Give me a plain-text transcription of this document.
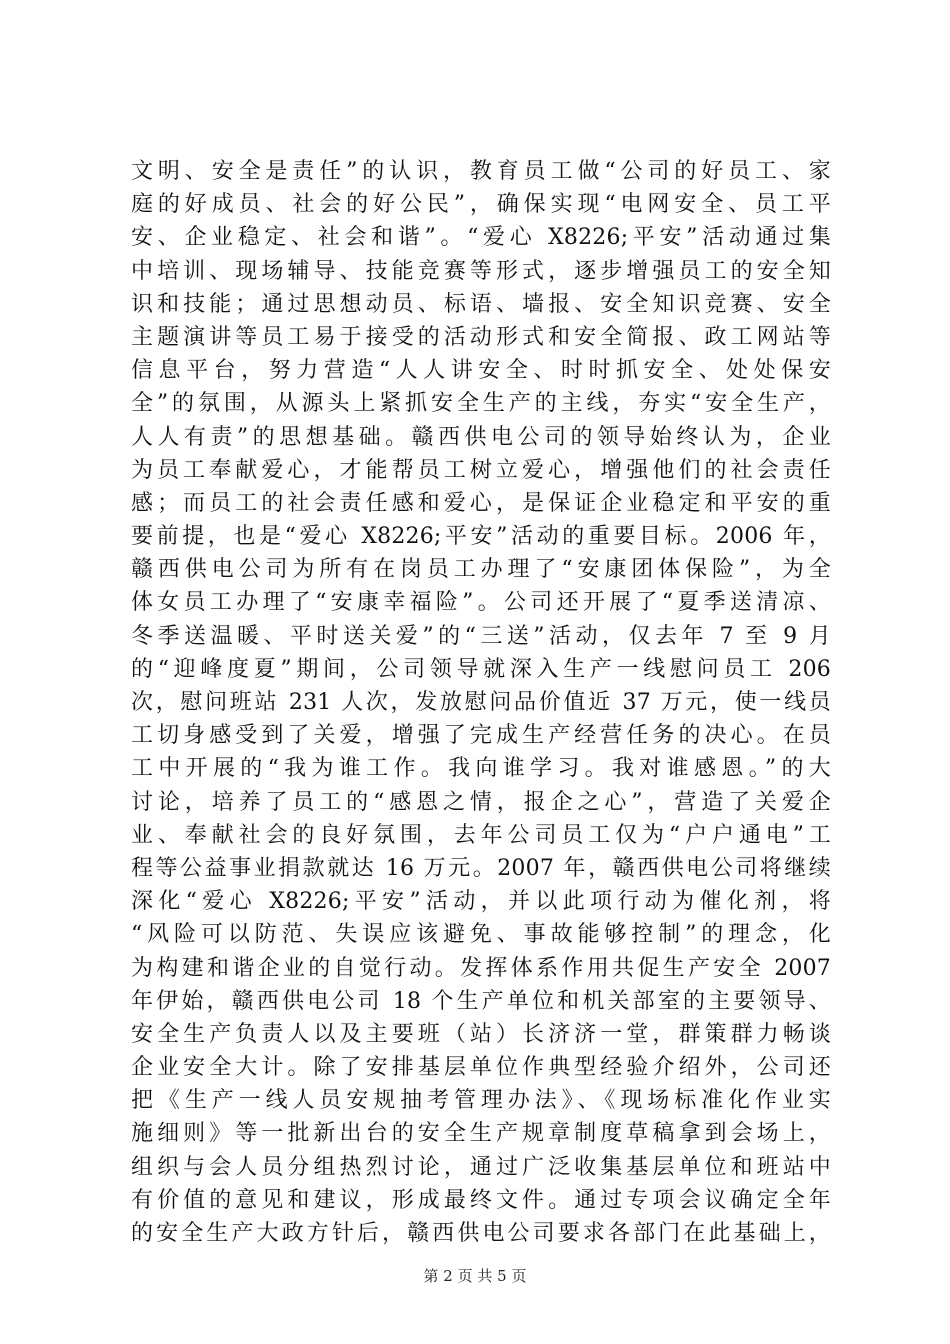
文明、安全是责任”的认识，教育员工做“公司的好员工、家
庭的好成员、社会的好公民”，确保实现“电网安全、员工平
安、企业稳定、社会和谐”。“爱心 X8226;平安”活动通过集
中培训、现场辅导、技能竞赛等形式，逐步增强员工的安全知
识和技能；通过思想动员、标语、墙报、安全知识竞赛、安全
主题演讲等员工易于接受的活动形式和安全简报、政工网站等
信息平台，努力营造“人人讲安全、时时抓安全、处处保安
全”的氛围，从源头上紧抓安全生产的主线，夯实“安全生产，
人人有责”的思想基础。赣西供电公司的领导始终认为，企业
为员工奉献爱心，才能帮员工树立爱心，增强他们的社会责任
感；而员工的社会责任感和爱心，是保证企业稳定和平安的重
要前提，也是“爱心 X8226;平安”活动的重要目标。2006 年，
赣西供电公司为所有在岗员工办理了“安康团体保险”，为全
体女员工办理了“安康幸福险”。公司还开展了“夏季送清凉、
冬季送温暖、平时送关爱”的“三送”活动，仅去年 7 至 9 月
的“迎峰度夏”期间，公司领导就深入生产一线慰问员工 206
次，慰问班站 231 人次，发放慰问品价值近 37 万元，使一线员
工切身感受到了关爱，增强了完成生产经营任务的决心。在员
工中开展的“我为谁工作。我向谁学习。我对谁感恩。”的大
讨论，培养了员工的“感恩之情，报企之心”，营造了关爱企
业、奉献社会的良好氛围，去年公司员工仅为“户户通电”工
程等公益事业捐款就达 16 万元。2007 年，赣西供电公司将继续
深化“爱心 X8226;平安”活动，并以此项行动为催化剂，将
“风险可以防范、失误应该避免、事故能够控制”的理念，化
为构建和谐企业的自觉行动。发挥体系作用共促生产安全 2007
年伊始，赣西供电公司 18 个生产单位和机关部室的主要领导、
安全生产负责人以及主要班（站）长济济一堂，群策群力畅谈
企业安全大计。除了安排基层单位作典型经验介绍外，公司还
把《生产一线人员安规抽考管理办法》、《现场标准化作业实
施细则》等一批新出台的安全生产规章制度草稿拿到会场上，
组织与会人员分组热烈讨论，通过广泛收集基层单位和班站中
有价值的意见和建议，形成最终文件。通过专项会议确定全年
的安全生产大政方针后，赣西供电公司要求各部门在此基础上，
第 2 页 共 5 页
